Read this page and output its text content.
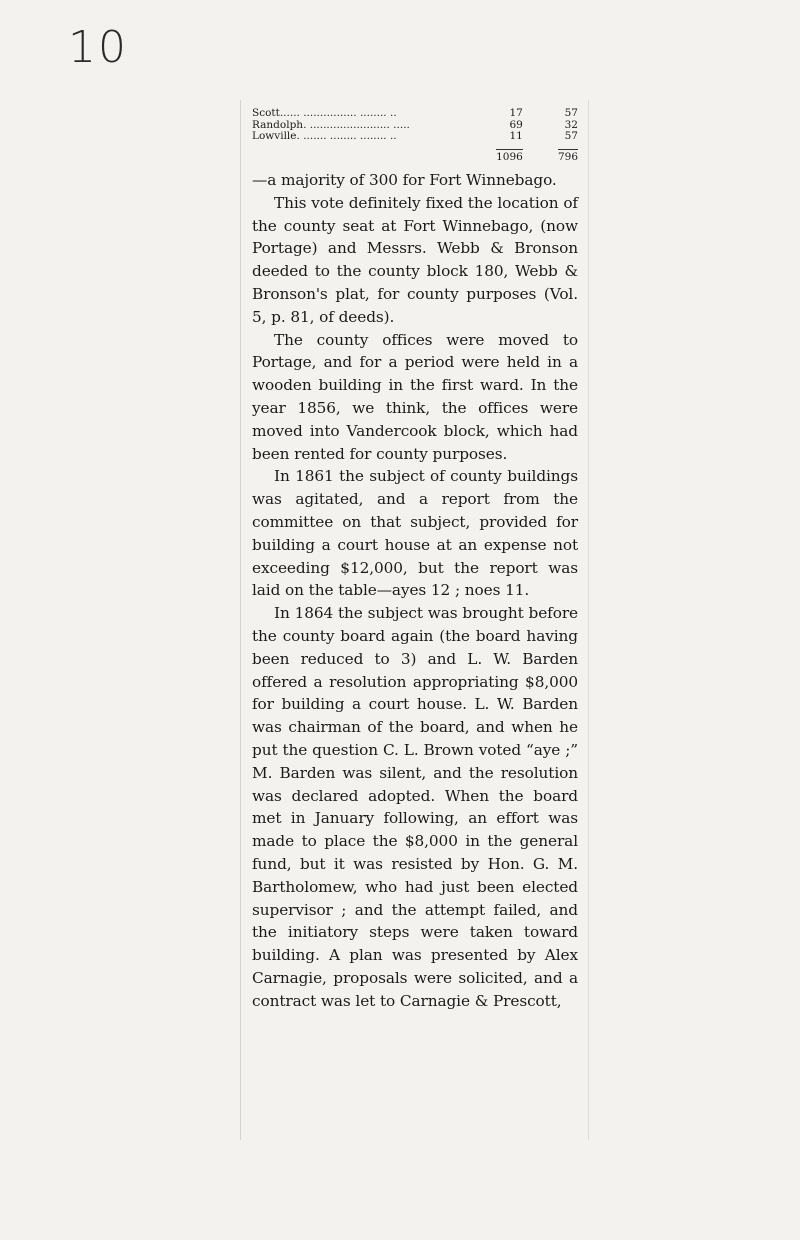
10
Scott...... ................ ........ ..	17	57
Randolph. ........................ .....	69	32
Lowville. ....... ........ ........ ..	11	57
	1096	796

—a majority of 300 for Fort Winnebago.

This vote definitely fixed the location of the county seat at Fort Winnebago, (now Portage) and Messrs. Webb & Bronson deeded to the county block 180, Webb & Bronson's plat, for county purposes (Vol. 5, p. 81, of deeds).

The county offices were moved to Portage, and for a period were held in a wooden building in the first ward. In the year 1856, we think, the offices were moved into Vandercook block, which had been rented for county purposes.

In 1861 the subject of county buildings was agitated, and a report from the committee on that subject, provided for building a court house at an expense not exceeding $12,000, but the report was laid on the table—ayes 12 ; noes 11.

In 1864 the subject was brought before the county board again (the board having been reduced to 3) and L. W. Barden offered a resolution appropriating $8,000 for building a court house. L. W. Barden was chairman of the board, and when he put the question C. L. Brown voted “aye ;” M. Barden was silent, and the resolution was declared adopted. When the board met in January following, an effort was made to place the $8,000 in the general fund, but it was resisted by Hon. G. M. Bartholomew, who had just been elected supervisor ; and the attempt failed, and the initiatory steps were taken toward building. A plan was presented by Alex Carnagie, proposals were solicited, and a contract was let to Carnagie & Prescott,
